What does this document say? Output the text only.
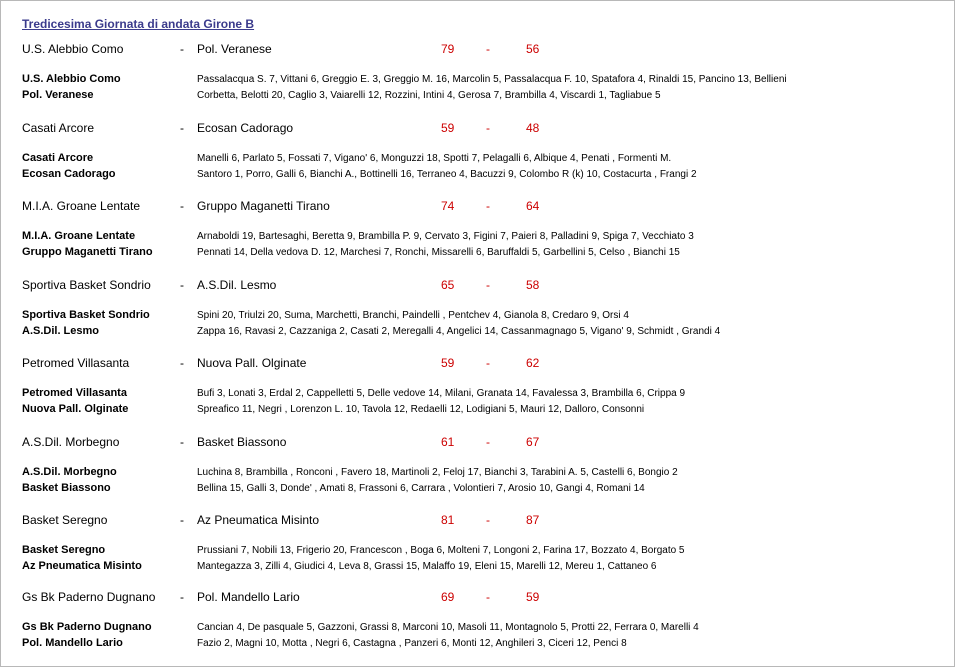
Tredicesima Giornata di andata Girone B
U.S. Alebbio Como	- Pol. Veranese	79	-	56
U.S. Alebbio Como	Passalacqua S. 7, Vittani 6, Greggio E. 3, Greggio M. 16, Marcolin 5, Passalacqua F. 10, Spatafora 4, Rinaldi 15, Pancino 13, Bellieni
Pol. Veranese	Corbetta, Belotti 20, Caglio 3, Vaiarelli 12, Rozzini, Intini 4, Gerosa 7, Brambilla 4, Viscardi 1, Tagliabue 5
Casati Arcore	- Ecosan Cadorago	59	-	48
Casati Arcore	Manelli 6, Parlato 5, Fossati 7, Vigano' 6, Monguzzi 18, Spotti 7, Pelagalli 6, Albique 4, Penati , Formenti M.
Ecosan Cadorago	Santoro 1, Porro, Galli 6, Bianchi A., Bottinelli 16, Terraneo 4, Bacuzzi 9, Colombo R (k) 10, Costacurta , Frangi 2
M.I.A. Groane Lentate	- Gruppo Maganetti Tirano	74	-	64
M.I.A. Groane Lentate	Arnaboldi 19, Bartesaghi, Beretta 9, Brambilla P. 9, Cervato 3, Figini 7, Paieri 8, Palladini 9, Spiga 7, Vecchiato 3
Gruppo Maganetti Tirano	Pennati 14, Della vedova D. 12, Marchesi 7, Ronchi, Missarelli 6, Baruffaldi 5, Garbellini 5, Celso , Bianchi 15
Sportiva Basket Sondrio - A.S.Dil. Lesmo	65	-	58
Sportiva Basket Sondrio	Spini 20, Triulzi 20, Suma, Marchetti, Branchi, Paindelli , Pentchev 4, Gianola 8, Credaro 9, Orsi 4
A.S.Dil. Lesmo	Zappa 16, Ravasi 2, Cazzaniga 2, Casati 2, Meregalli 4, Angelici 14, Cassanmagnago 5, Vigano' 9, Schmidt , Grandi 4
Petromed Villasanta	- Nuova Pall. Olginate	59	-	62
Petromed Villasanta	Bufi 3, Lonati 3, Erdal 2, Cappelletti 5, Delle vedove 14, Milani, Granata 14, Favalessa 3, Brambilla 6, Crippa 9
Nuova Pall. Olginate	Spreafico 11, Negri , Lorenzon L. 10, Tavola 12, Redaelli 12, Lodigiani 5, Mauri 12, Dalloro, Consonni
A.S.Dil. Morbegno	- Basket Biassono	61	-	67
A.S.Dil. Morbegno	Luchina 8, Brambilla , Ronconi , Favero 18, Martinoli 2, Feloj 17, Bianchi 3, Tarabini A. 5, Castelli 6, Bongio 2
Basket Biassono	Bellina 15, Galli 3, Donde' , Amati 8, Frassoni 6, Carrara , Volontieri 7, Arosio 10, Gangi 4, Romani 14
Basket Seregno	- Az Pneumatica Misinto	81	-	87
Basket Seregno	Prussiani 7, Nobili 13, Frigerio 20, Francescon , Boga 6, Molteni 7, Longoni 2, Farina 17, Bozzato 4, Borgato 5
Az Pneumatica Misinto	Mantegazza 3, Zilli 4, Giudici 4, Leva 8, Grassi 15, Malaffo 19, Eleni 15, Marelli 12, Mereu 1, Cattaneo 6
Gs Bk Paderno Dugnano - Pol. Mandello Lario	69	-	59
Gs Bk Paderno Dugnano	Cancian 4, De pasquale 5, Gazzoni, Grassi 8, Marconi 10, Masoli 11, Montagnolo 5, Protti 22, Ferrara 0, Marelli 4
Pol. Mandello Lario	Fazio 2, Magni 10, Motta , Negri 6, Castagna , Panzeri 6, Monti 12, Anghileri 3, Ciceri 12, Penci 8
